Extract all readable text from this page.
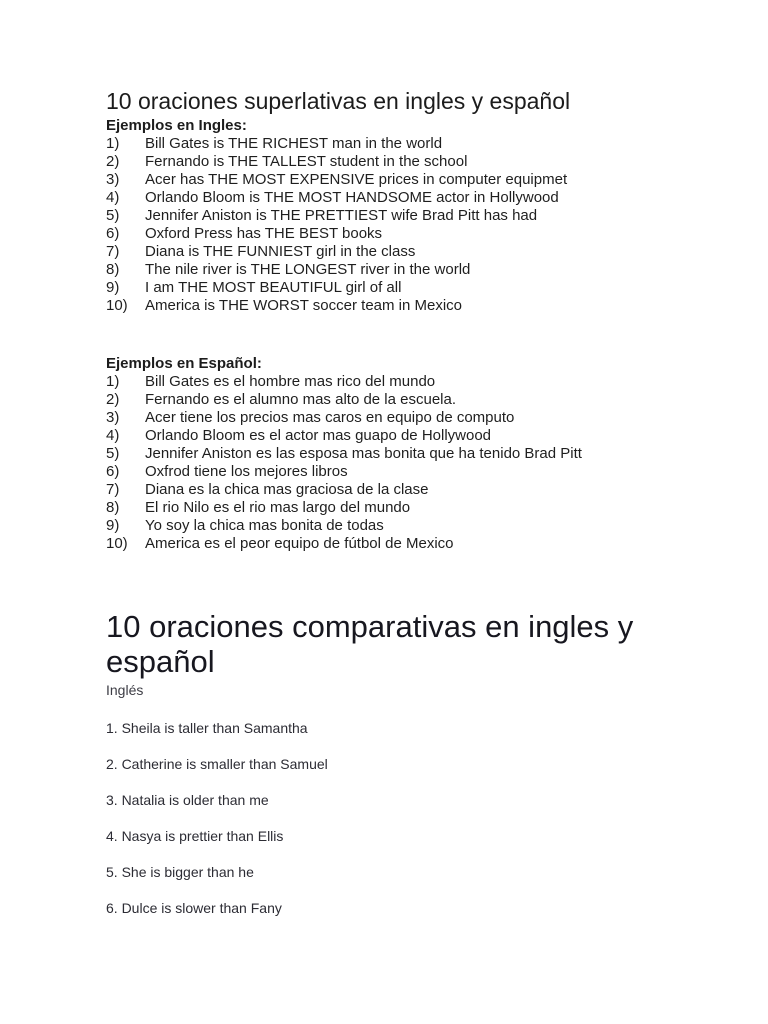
10 oraciones superlativas en ingles y español
Ejemplos en Ingles:
1)	Bill Gates is THE RICHEST man in the world
2)	Fernando is THE TALLEST student in the school
3)	Acer has THE MOST EXPENSIVE prices in computer equipmet
4)	Orlando Bloom is THE MOST HANDSOME actor in Hollywood
5)	Jennifer Aniston is THE PRETTIEST wife Brad Pitt has had
6)	Oxford Press has THE BEST books
7)	Diana is THE FUNNIEST girl in the class
8)	The nile river is THE LONGEST river in the world
9)	I am THE MOST BEAUTIFUL girl of all
10)	America is THE WORST soccer team in Mexico
Ejemplos en Español:
1)	Bill Gates es el hombre mas rico del mundo
2)	Fernando es el alumno mas alto de la escuela.
3)	Acer tiene los precios mas caros en equipo de computo
4)	Orlando Bloom es el actor mas guapo de Hollywood
5)	Jennifer Aniston es las esposa mas bonita que ha tenido Brad Pitt
6)	Oxfrod tiene los mejores libros
7)	Diana es la chica mas graciosa de la clase
8)	El rio Nilo es el rio mas largo del mundo
9)	Yo soy la chica mas bonita de todas
10)	America es el peor equipo de fútbol de Mexico
10 oraciones comparativas en ingles y español
Inglés
1. Sheila is taller than Samantha
2. Catherine is smaller than Samuel
3. Natalia is older than me
4. Nasya is prettier than Ellis
5. She is bigger than he
6. Dulce is slower than Fany
